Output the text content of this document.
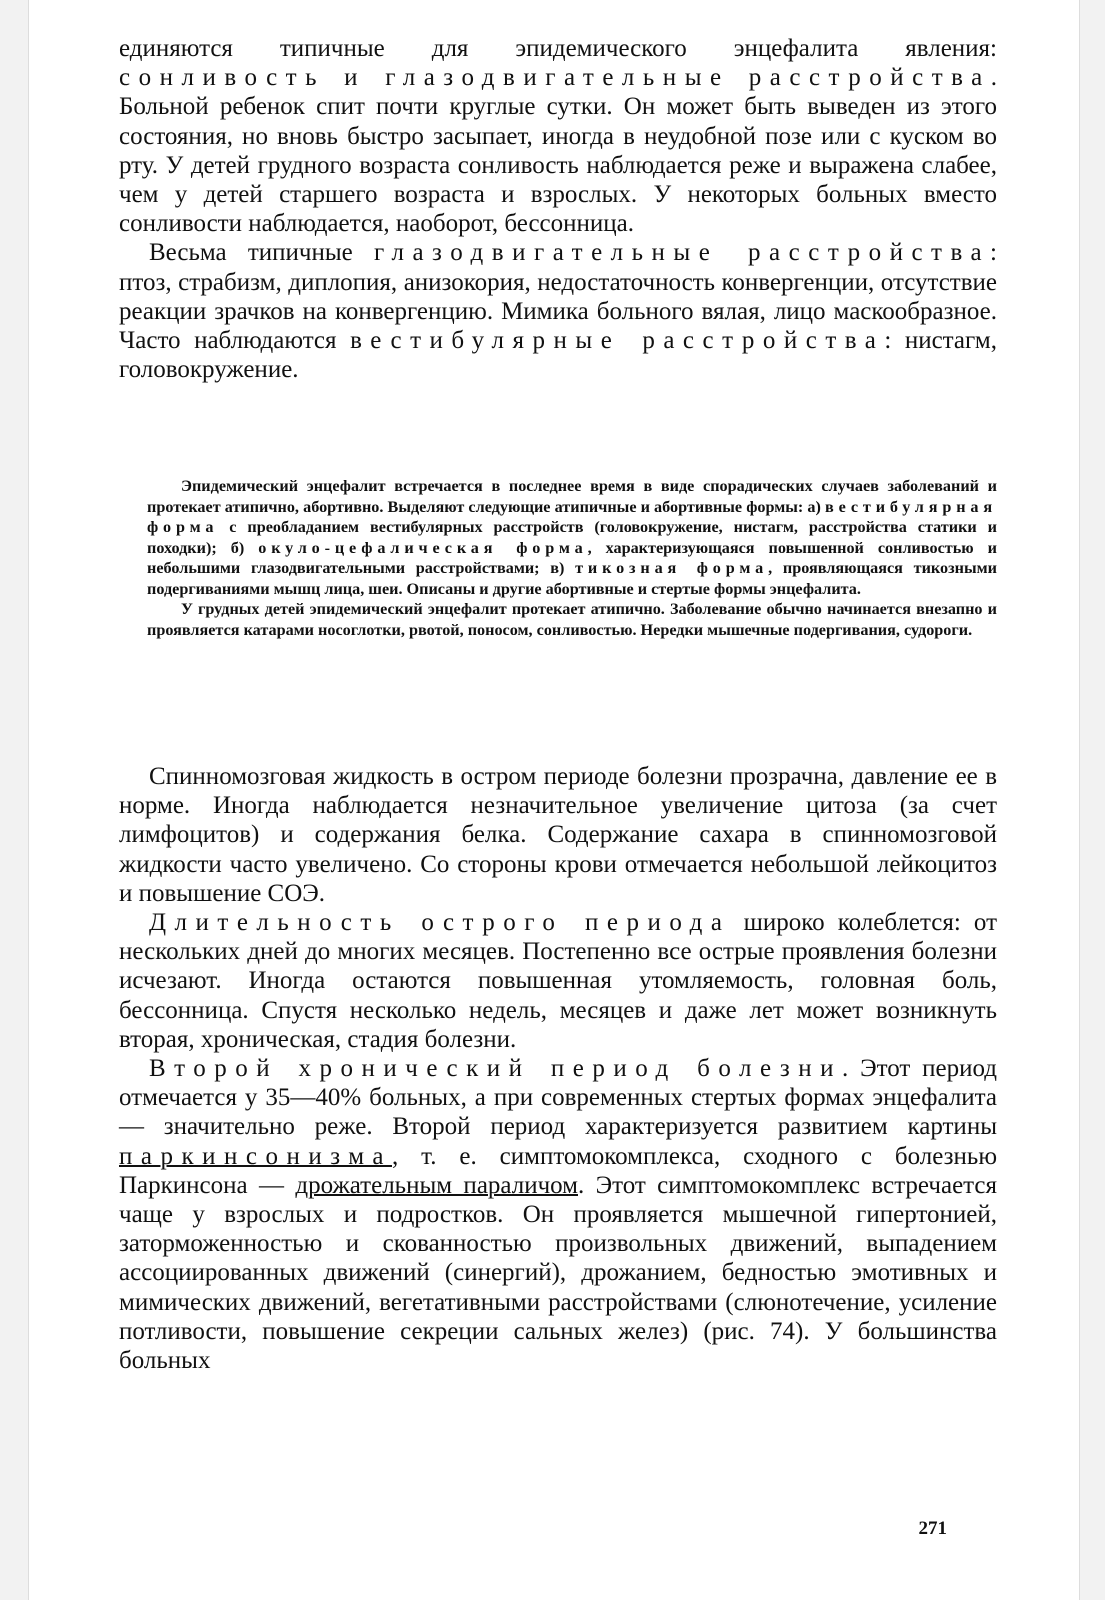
единяются типичные для эпидемического энцефалита явления: сонливость и глазодвигательные расстройства. Больной ребенок спит почти круглые сутки. Он может быть выведен из этого состояния, но вновь быстро засыпает, иногда в неудобной позе или с куском во рту. У детей грудного возраста сонливость наблюдается реже и выражена слабее, чем у детей старшего возраста и взрослых. У некоторых больных вместо сонливости наблюдается, наоборот, бессонница.

Весьма типичные глазодвигательные расстройства: птоз, страбизм, диплопия, анизокория, недостаточность конвергенции, отсутствие реакции зрачков на конвергенцию. Мимика больного вялая, лицо маскообразное. Часто наблюдаются вестибулярные расстройства: нистагм, головокружение.

Эпидемический энцефалит встречается в последнее время в виде спорадических случаев заболеваний и протекает атипично, абортивно. Выделяют следующие атипичные и абортивные формы: а) вестибулярная форма с преобладанием вестибулярных расстройств (головокружение, нистагм, расстройства статики и походки); б) окуло-цефалическая форма, характеризующаяся повышенной сонливостью и небольшими глазодвигательными расстройствами; в) тикозная форма, проявляющаяся тикозными подергиваниями мышц лица, шеи. Описаны и другие абортивные и стертые формы энцефалита.

У грудных детей эпидемический энцефалит протекает атипично. Заболевание обычно начинается внезапно и проявляется катарами носоглотки, рвотой, поносом, сонливостью. Нередки мышечные подергивания, судороги.

Спинномозговая жидкость в остром периоде болезни прозрачна, давление ее в норме. Иногда наблюдается незначительное увеличение цитоза (за счет лимфоцитов) и содержания белка. Содержание сахара в спинномозговой жидкости часто увеличено. Со стороны крови отмечается небольшой лейкоцитоз и повышение СОЭ.

Длительность острого периода широко колеблется: от нескольких дней до многих месяцев. Постепенно все острые проявления болезни исчезают. Иногда остаются повышенная утомляемость, головная боль, бессонница. Спустя несколько недель, месяцев и даже лет может возникнуть вторая, хроническая, стадия болезни.

Второй хронический период болезни. Этот период отмечается у 35—40% больных, а при современных стертых формах энцефалита — значительно реже. Второй период характеризуется развитием картины паркинсонизма, т. е. симптомокомплекса, сходного с болезнью Паркинсона — дрожательным параличом. Этот симптомокомплекс встречается чаще у взрослых и подростков. Он проявляется мышечной гипертонией, заторможенностью и скованностью произвольных движений, выпадением ассоциированных движений (синергий), дрожанием, бедностью эмотивных и мимических движений, вегетативными расстройствами (слюнотечение, усиление потливости, повышение секреции сальных желез) (рис. 74). У большинства больных

271
